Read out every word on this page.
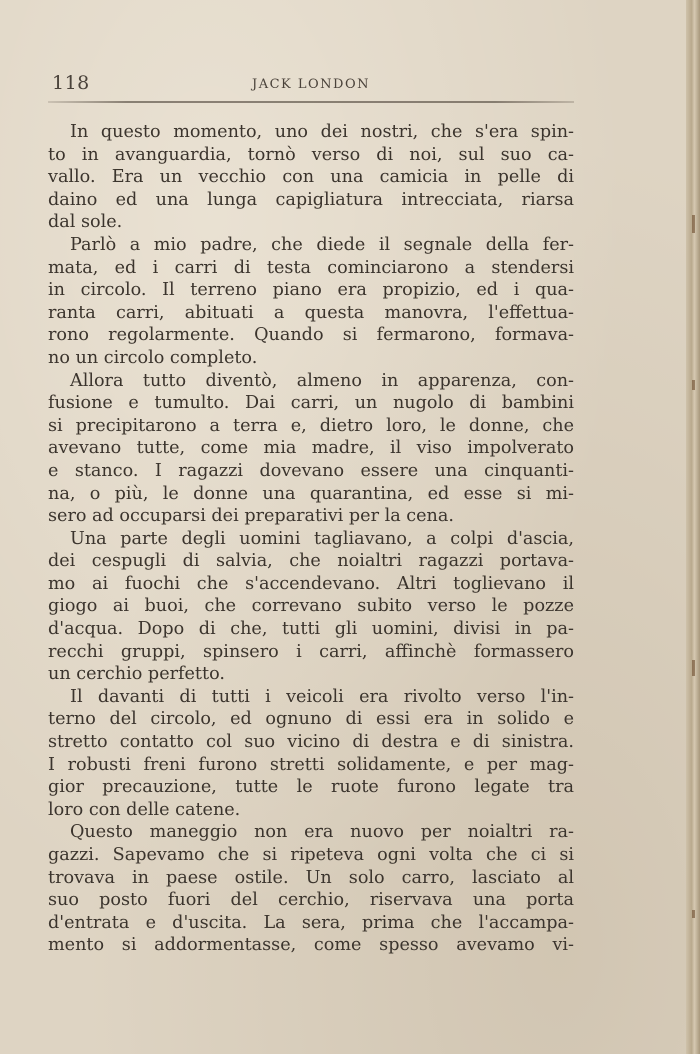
118	JACK LONDON

In questo momento, uno dei nostri, che s'era spin-
to in avanguardia, tornò verso di noi, sul suo ca-
vallo. Era un vecchio con una camicia in pelle di
daino ed una lunga capigliatura intrecciata, riarsa
dal sole.

Parlò a mio padre, che diede il segnale della fer-
mata, ed i carri di testa cominciarono a stendersi
in circolo. Il terreno piano era propizio, ed i qua-
ranta carri, abituati a questa manovra, l'effettua-
rono regolarmente. Quando si fermarono, formava-
no un circolo completo.

Allora tutto diventò, almeno in apparenza, con-
fusione e tumulto. Dai carri, un nugolo di bambini
si precipitarono a terra e, dietro loro, le donne, che
avevano tutte, come mia madre, il viso impolverato
e stanco. I ragazzi dovevano essere una cinquanti-
na, o più, le donne una quarantina, ed esse si mi-
sero ad occuparsi dei preparativi per la cena.

Una parte degli uomini tagliavano, a colpi d'ascia,
dei cespugli di salvia, che noialtri ragazzi portava-
mo ai fuochi che s'accendevano. Altri toglievano il
giogo ai buoi, che correvano subito verso le pozze
d'acqua. Dopo di che, tutti gli uomini, divisi in pa-
recchi gruppi, spinsero i carri, affinchè formassero
un cerchio perfetto.

Il davanti di tutti i veicoli era rivolto verso l'in-
terno del circolo, ed ognuno di essi era in solido e
stretto contatto col suo vicino di destra e di sinistra.
I robusti freni furono stretti solidamente, e per mag-
gior precauzione, tutte le ruote furono legate tra
loro con delle catene.

Questo maneggio non era nuovo per noialtri ra-
gazzi. Sapevamo che si ripeteva ogni volta che ci si
trovava in paese ostile. Un solo carro, lasciato al
suo posto fuori del cerchio, riservava una porta
d'entrata e d'uscita. La sera, prima che l'accampa-
mento si addormentasse, come spesso avevamo vi-
